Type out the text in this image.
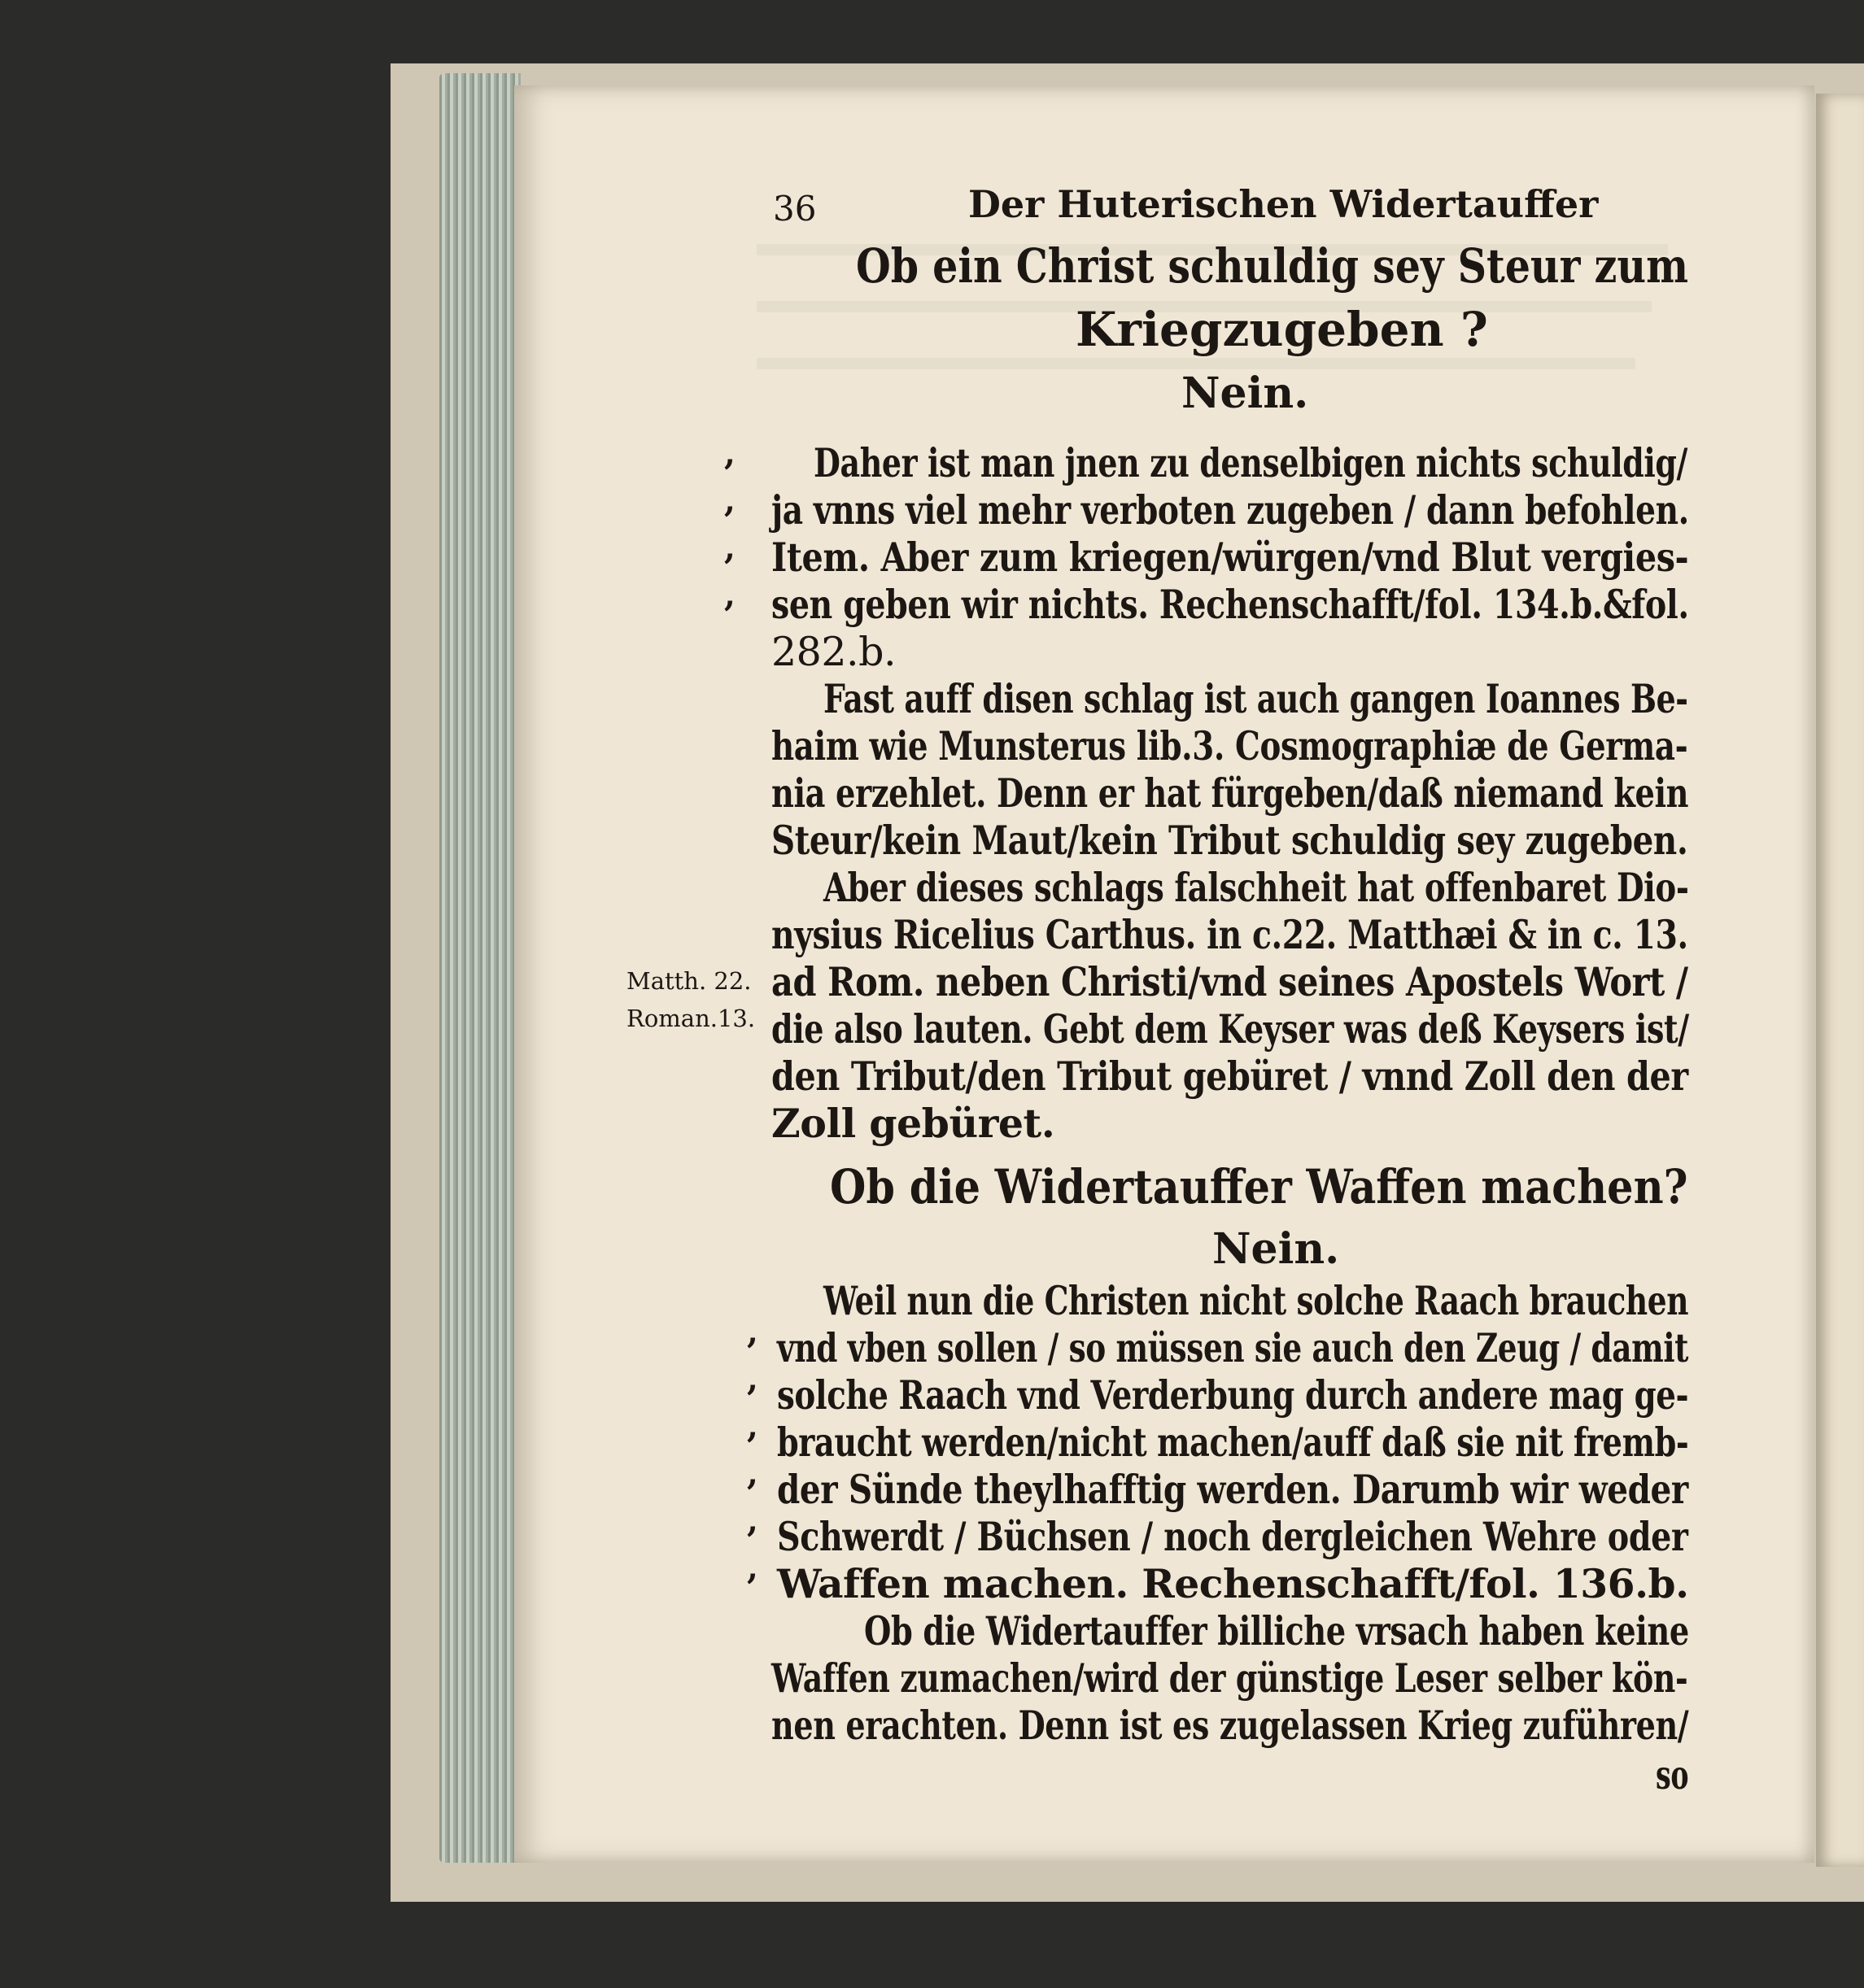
36	Der Huterischen Widertauffer
Ob ein Christ schuldig sey Steur zum
Kriegzugeben ?
Nein.
,
,
,
,
Daher ist man jnen zu denselbigen nichts schuldig/
ja vnns viel mehr verboten zugeben / dann befohlen.
Item. Aber zum kriegen/würgen/vnd Blut vergies-
sen geben wir nichts. Rechenschafft/fol. 134.b.&fol.
282.b.
Fast auff disen schlag ist auch gangen Ioannes Be-
haim wie Munsterus lib.3. Cosmographiæ de Germa-
nia erzehlet. Denn er hat fürgeben/daß niemand kein
Steur/kein Maut/kein Tribut schuldig sey zugeben.
Aber dieses schlags falschheit hat offenbaret Dio-
nysius Ricelius Carthus. in c.22. Matthæi & in c. 13.
ad Rom. neben Christi/vnd seines Apostels Wort /
die also lauten. Gebt dem Keyser was deß Keysers ist/
den Tribut/den Tribut gebüret / vnnd Zoll den der
Zoll gebüret.
Matth. 22.
Roman.13.
Ob die Widertauffer Waffen machen?
Nein.
,
,
,
,
,
,
Weil nun die Christen nicht solche Raach brauchen
vnd vben sollen / so müssen sie auch den Zeug / damit
solche Raach vnd Verderbung durch andere mag ge-
braucht werden/nicht machen/auff daß sie nit fremb-
der Sünde theylhafftig werden. Darumb wir weder
Schwerdt / Büchsen / noch dergleichen Wehre oder
Waffen machen. Rechenschafft/fol. 136.b.
Ob die Widertauffer billiche vrsach haben keine
Waffen zumachen/wird der günstige Leser selber kön-
nen erachten. Denn ist es zugelassen Krieg zuführen/
so
